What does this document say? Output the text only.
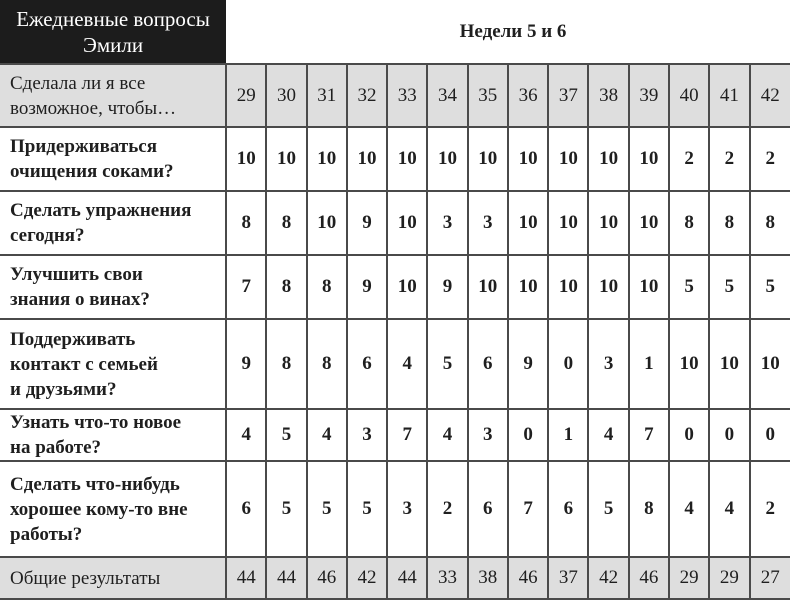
Ежедневные вопросы
Эмили	Недели 5 и 6													

Сделала ли я все
возможное, чтобы…	29	30	31	32	33	34	35	36	37	38	39	40	41	42

Придерживаться
очищения соками?	10	10	10	10	10	10	10	10	10	10	10	2	2	2

Сделать упражнения
сегодня?	8	8	10	9	10	3	3	10	10	10	10	8	8	8

Улучшить свои
знания о винах?	7	8	8	9	10	9	10	10	10	10	10	5	5	5

Поддерживать
контакт с семьей
и друзьями?	9	8	8	6	4	5	6	9	0	3	1	10	10	10

Узнать что-то новое
на работе?	4	5	4	3	7	4	3	0	1	4	7	0	0	0

Сделать что-нибудь
хорошее кому-то вне
работы?	6	5	5	5	3	2	6	7	6	5	8	4	4	2
Общие результаты	44	44	46	42	44	33	38	46	37	42	46	29	29	27
